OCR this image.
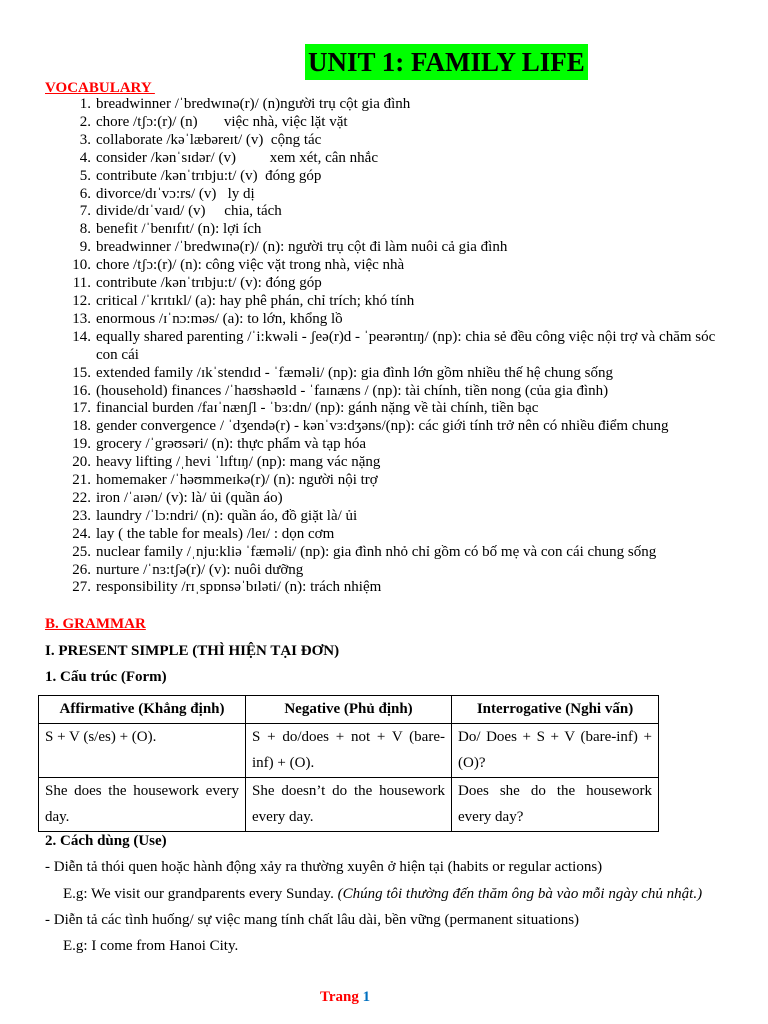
UNIT 1: FAMILY LIFE
VOCABULARY
1. breadwinner /ˈbredwɪnə(r)/ (n)người trụ cột gia đình
2. chore /tʃɔ:(r)/ (n)       việc nhà, việc lặt vặt
3. collaborate /kəˈlæbəreɪt/ (v)  cộng tác
4. consider /kənˈsɪdər/ (v)         xem xét, cân nhắc
5. contribute /kənˈtrɪbju:t/ (v)  đóng góp
6. divorce/dɪˈvɔ:rs/ (v)   ly dị
7. divide/dɪˈvaɪd/ (v)     chia, tách
8. benefit /ˈbenɪfɪt/ (n): lợi ích
9. breadwinner /ˈbredwɪnə(r)/ (n): người trụ cột đi làm nuôi cả gia đình
10. chore /tʃɔ:(r)/ (n): công việc vặt trong nhà, việc nhà
11. contribute /kənˈtrɪbju:t/ (v): đóng góp
12. critical /ˈkrɪtɪkl/ (a): hay phê phán, chỉ trích; khó tính
13. enormous /ɪˈnɔ:məs/ (a): to lớn, khổng lồ
14. equally shared parenting /ˈi:kwəli - ʃeə(r)d - ˈpeərəntɪŋ/ (np): chia sẻ đều công việc nội trợ và chăm sóc con cái
15. extended family /ɪkˈstendɪd - ˈfæməli/ (np): gia đình lớn gồm nhiều thế hệ chung sống
16. (household) finances /ˈhaʊshəʊld - ˈfaɪnæns / (np): tài chính, tiền nong (của gia đình)
17. financial burden /faɪˈnænʃl - ˈbɜ:dn/ (np): gánh nặng về tài chính, tiền bạc
18. gender convergence / ˈdʒendə(r) - kənˈvɜ:dʒəns/(np): các giới tính trở nên có nhiều điểm chung
19. grocery /ˈgrəʊsəri/ (n): thực phẩm và tạp hóa
20. heavy lifting /ˌhevi ˈlɪftɪŋ/ (np): mang vác nặng
21. homemaker /ˈhəʊmmeɪkə(r)/ (n): người nội trợ
22. iron /ˈaɪən/ (v): là/ ủi (quần áo)
23. laundry /ˈlɔ:ndri/ (n): quần áo, đồ giặt là/ ủi
24. lay ( the table for meals) /leɪ/ : dọn cơm
25. nuclear family /ˌnju:kliə ˈfæməli/ (np): gia đình nhỏ chỉ gồm có bố mẹ và con cái chung sống
26. nurture /ˈnɜ:tʃə(r)/ (v): nuôi dưỡng
27. responsibility /rɪˌspɒnsəˈbɪləti/ (n): trách nhiệm
B. GRAMMAR
I. PRESENT SIMPLE (THÌ HIỆN TẠI ĐƠN)
1. Cấu trúc (Form)
Affirmative (Khẳng định)	Negative (Phủ định)	Interrogative (Nghi vấn)
S + V (s/es) + (O).	S + do/does + not + V (bare-inf) + (O).	Do/ Does + S + V (bare-inf) + (O)?
She does the housework every day.	She doesn’t do the housework every day.	Does she do the housework every day?
2. Cách dùng (Use)
- Diễn tả thói quen hoặc hành động xảy ra thường xuyên ở hiện tại (habits or regular actions)
E.g: We visit our grandparents every Sunday. (Chúng tôi thường đến thăm ông bà vào mỗi ngày chủ nhật.)
- Diễn tả các tình huống/ sự việc mang tính chất lâu dài, bền vững (permanent situations)
E.g: I come from Hanoi City.
Trang 1
